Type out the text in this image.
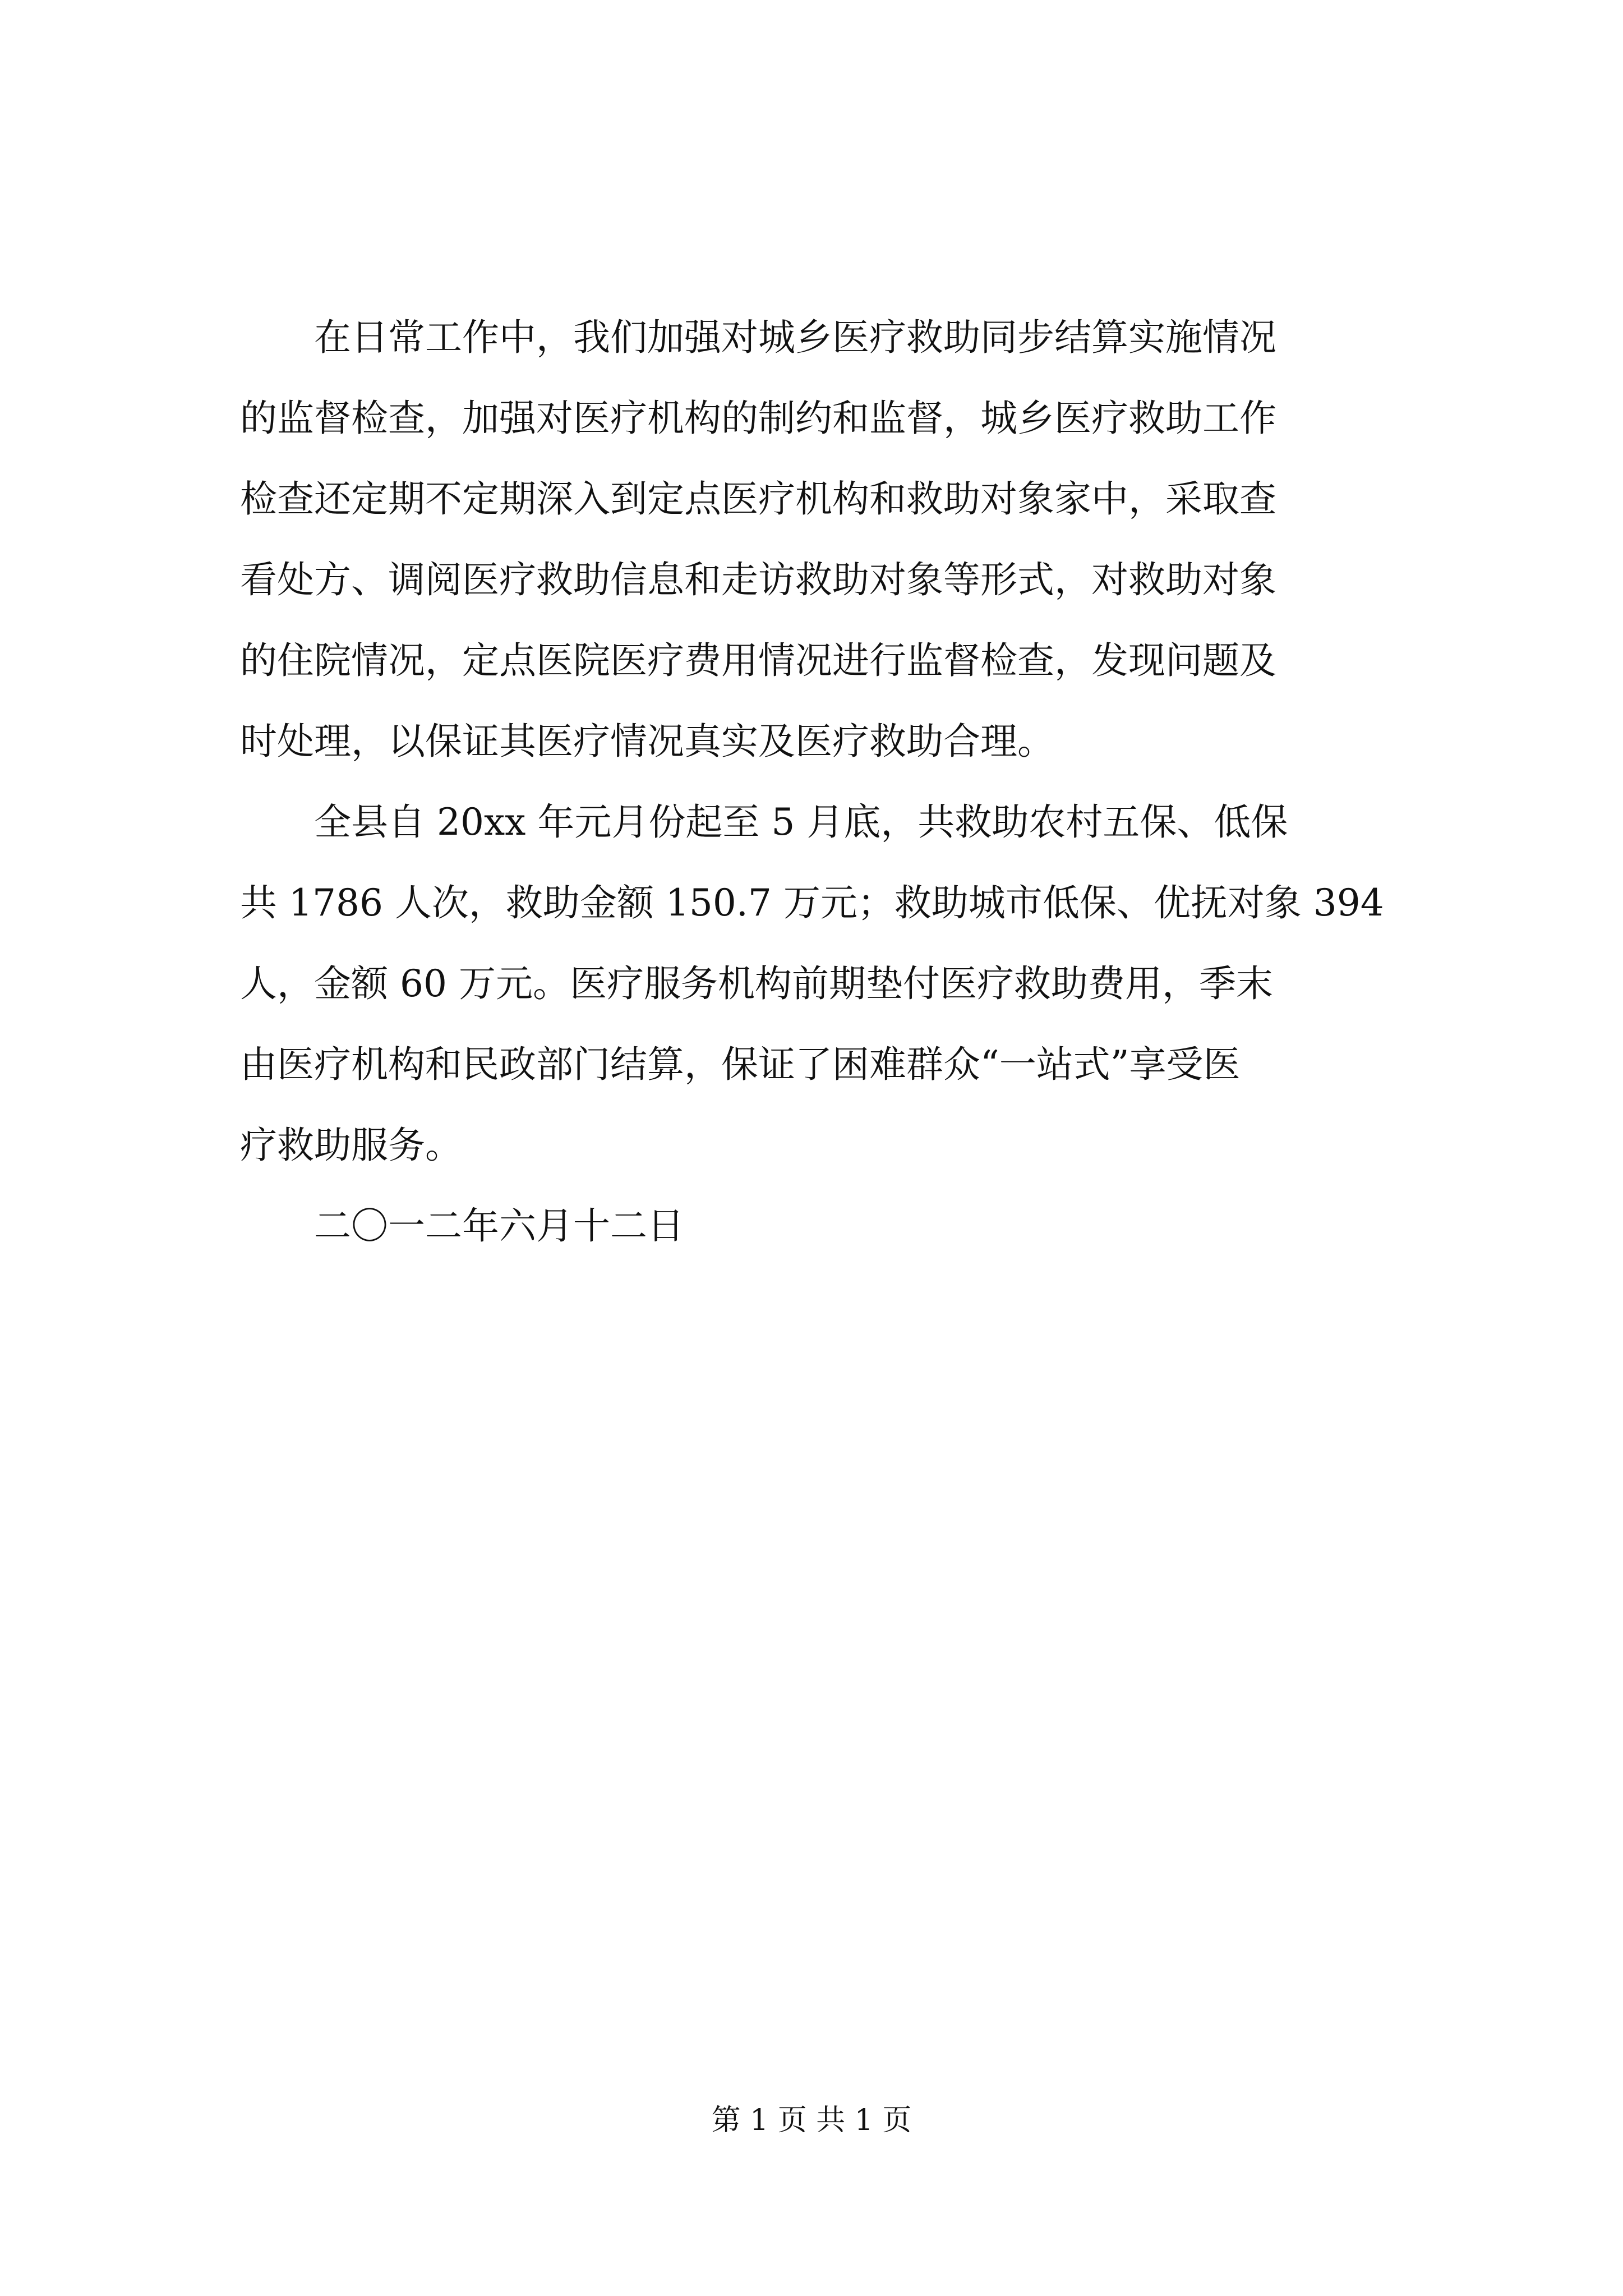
　　在日常工作中，我们加强对城乡医疗救助同步结算实施情况
的监督检查，加强对医疗机构的制约和监督，城乡医疗救助工作
检查还定期不定期深入到定点医疗机构和救助对象家中，采取查
看处方、调阅医疗救助信息和走访救助对象等形式，对救助对象
的住院情况，定点医院医疗费用情况进行监督检查，发现问题及
时处理，以保证其医疗情况真实及医疗救助合理。
　　全县自 20xx 年元月份起至 5 月底，共救助农村五保、低保
共 1786 人次，救助金额 150.7 万元；救助城市低保、优抚对象 394
人，金额 60 万元。医疗服务机构前期垫付医疗救助费用，季末
由医疗机构和民政部门结算，保证了困难群众“一站式”享受医
疗救助服务。
　　二〇一二年六月十二日
第 1 页 共 1 页
